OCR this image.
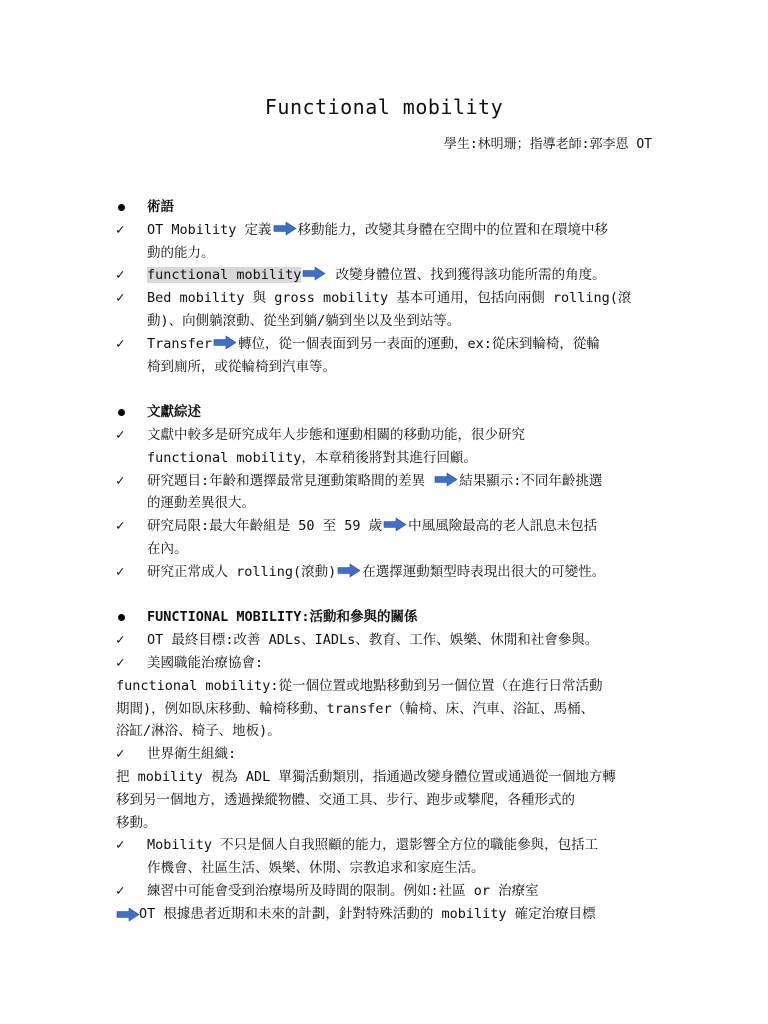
Functional mobility
學生:林明珊；指導老師:郭李恩 OT
術語
✓ OT Mobility 定義 移動能力，改變其身體在空間中的位置和在環境中移
動的能力。
✓ functional mobility 改變身體位置、找到獲得該功能所需的角度。
✓ Bed mobility 與 gross mobility 基本可通用，包括向兩側 rolling(滾
動)、向側躺滾動、從坐到躺/躺到坐以及坐到站等。
✓ Transfer 轉位，從一個表面到另一表面的運動，ex:從床到輪椅，從輪
椅到廁所，或從輪椅到汽車等。
文獻綜述
✓ 文獻中較多是研究成年人步態和運動相關的移動功能，很少研究
functional mobility，本章稍後將對其進行回顧。
✓ 研究題目:年齡和選擇最常見運動策略間的差異 結果顯示:不同年齡挑選
的運動差異很大。
✓ 研究局限:最大年齡組是 50 至 59 歲 中風風險最高的老人訊息未包括
在內。
✓ 研究正常成人 rolling(滾動) 在選擇運動類型時表現出很大的可變性。
FUNCTIONAL MOBILITY:活動和參與的關係
✓ OT 最終目標:改善 ADLs、IADLs、教育、工作、娛樂、休閒和社會參與。
✓ 美國職能治療協會:
functional mobility:從一個位置或地點移動到另一個位置（在進行日常活動
期間)，例如臥床移動、輪椅移動、transfer（輪椅、床、汽車、浴缸、馬桶、
浴缸/淋浴、椅子、地板)。
✓ 世界衛生組織:
把 mobility 視為 ADL 單獨活動類別，指通過改變身體位置或通過從一個地方轉
移到另一個地方，透過操縱物體、交通工具、步行、跑步或攀爬，各種形式的
移動。
✓ Mobility 不只是個人自我照顧的能力，還影響全方位的職能參與，包括工
作機會、社區生活、娛樂、休閒、宗教追求和家庭生活。
✓ 練習中可能會受到治療場所及時間的限制。例如:社區 or 治療室
OT 根據患者近期和未來的計劃，針對特殊活動的 mobility 確定治療目標
